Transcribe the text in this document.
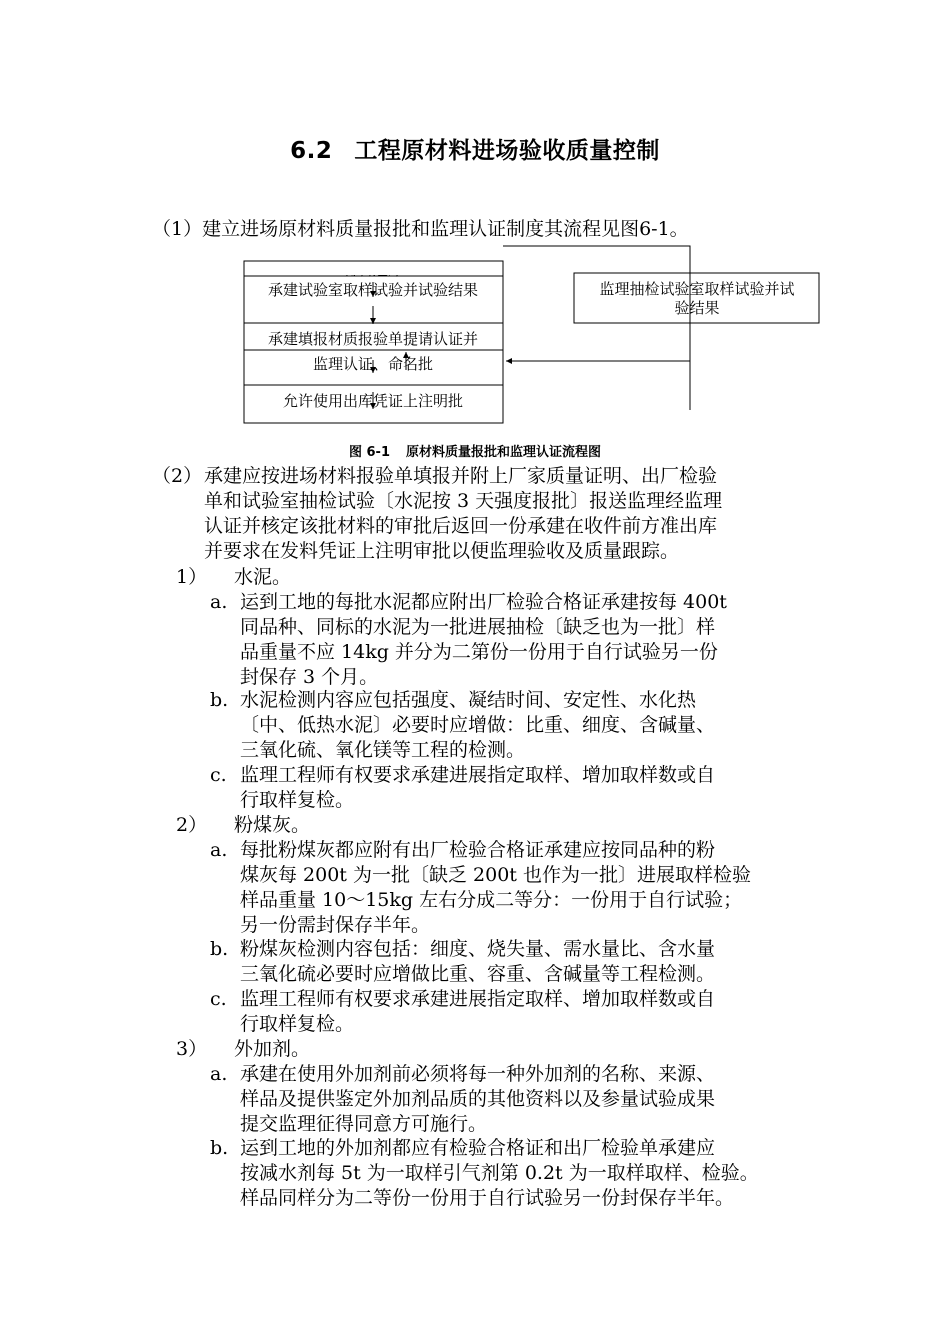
6.2 工程原材料进场验收质量控制
（1）建立进场原材料质量报批和监理认证制度其流程见图6-1。
承建试验室取样试验并试验结果
承建填报材质报验单提请认证并
监理认证、命名批
允许使用出库凭证上注明批
监理抽检试验室取样试验并试
验结果
图 6-1 原材料质量报批和监理认证流程图
（2） 承建应按进场材料报验单填报并附上厂家质量证明、出厂检验
单和试验室抽检试验〔水泥按 3 天强度报批〕报送监理经监理
认证并核定该批材料的审批后返回一份承建在收件前方准出库
并要求在发料凭证上注明审批以便监理验收及质量跟踪。
1） 水泥。
a. 运到工地的每批水泥都应附出厂检验合格证承建按每 400t
同品种、同标的水泥为一批进展抽检〔缺乏也为一批〕样
品重量不应 14kg 并分为二第份一份用于自行试验另一份
封保存 3 个月。
b. 水泥检测内容应包括强度、凝结时间、安定性、水化热
〔中、低热水泥〕必要时应增做：比重、细度、含碱量、
三氧化硫、氧化镁等工程的检测。
c. 监理工程师有权要求承建进展指定取样、增加取样数或自
行取样复检。
2） 粉煤灰。
a. 每批粉煤灰都应附有出厂检验合格证承建应按同品种的粉
煤灰每 200t 为一批〔缺乏 200t 也作为一批〕进展取样检验
样品重量 10～15kg 左右分成二等分：一份用于自行试验；
另一份需封保存半年。
b. 粉煤灰检测内容包括：细度、烧失量、需水量比、含水量
三氧化硫必要时应增做比重、容重、含碱量等工程检测。
c. 监理工程师有权要求承建进展指定取样、增加取样数或自
行取样复检。
3） 外加剂。
a. 承建在使用外加剂前必须将每一种外加剂的名称、来源、
样品及提供鉴定外加剂品质的其他资料以及参量试验成果
提交监理征得同意方可施行。
b. 运到工地的外加剂都应有检验合格证和出厂检验单承建应
按减水剂每 5t 为一取样引气剂第 0.2t 为一取样取样、检验。
样品同样分为二等份一份用于自行试验另一份封保存半年。
